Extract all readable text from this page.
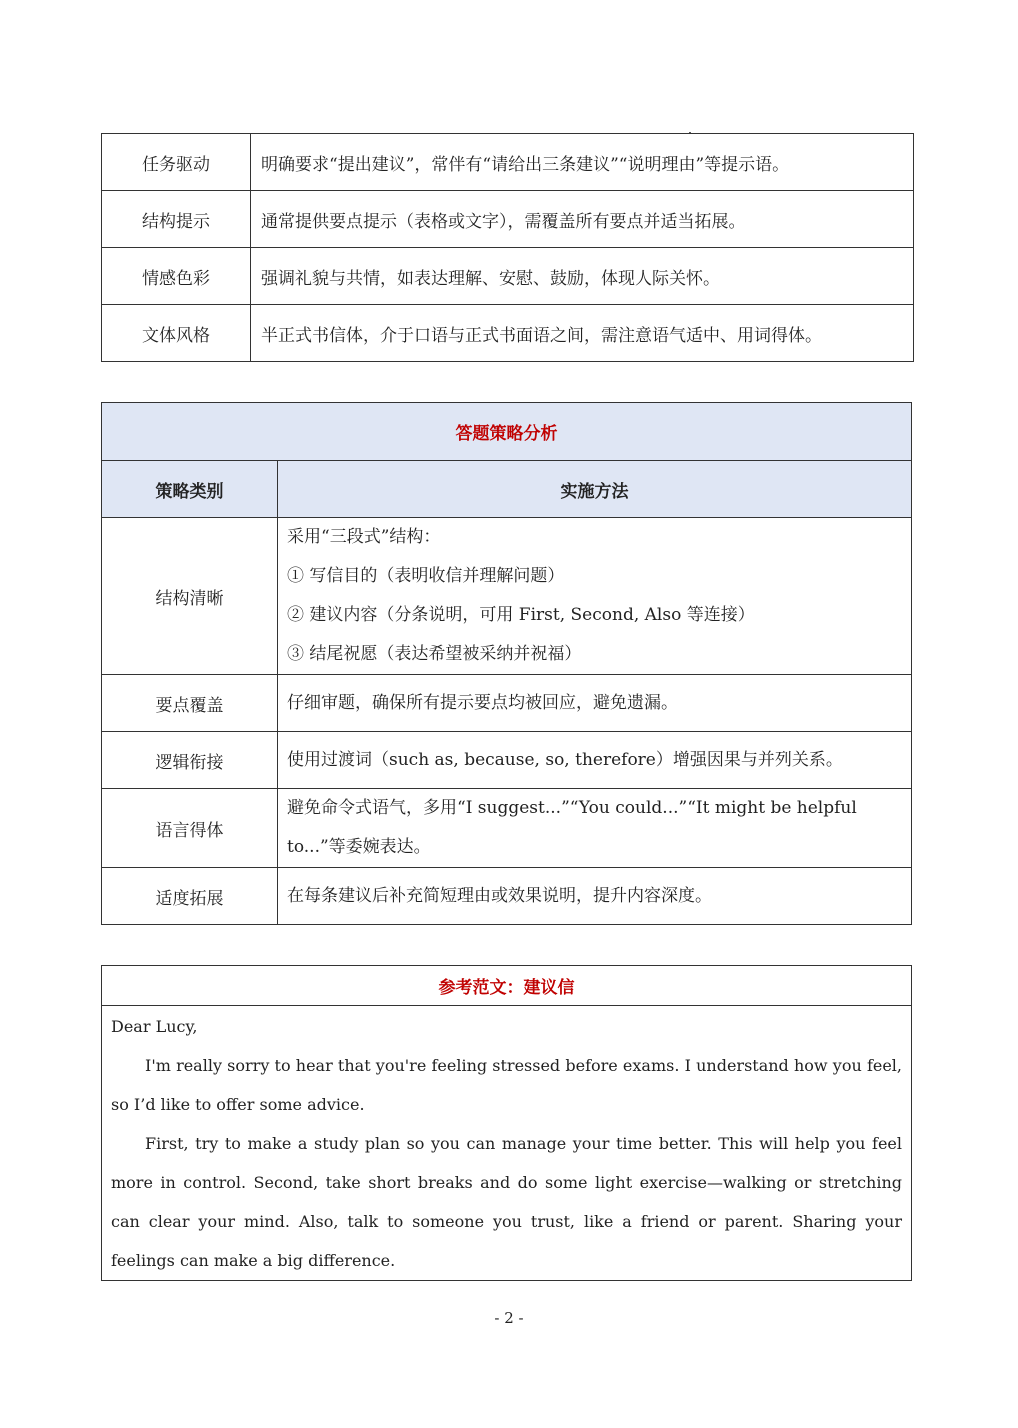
任务驱动	明确要求“提出建议”，常伴有“请给出三条建议”“说明理由”等提示语。
结构提示	通常提供要点提示（表格或文字），需覆盖所有要点并适当拓展。
情感色彩	强调礼貌与共情，如表达理解、安慰、鼓励，体现人际关怀。
文体风格	半正式书信体，介于口语与正式书面语之间，需注意语气适中、用词得体。
答题策略分析	
策略类别	实施方法
结构清晰	采用“三段式”结构：
① 写信目的（表明收信并理解问题）
② 建议内容（分条说明，可用 First, Second, Also 等连接）
③ 结尾祝愿（表达希望被采纳并祝福）

要点覆盖	仔细审题，确保所有提示要点均被回应，避免遗漏。
逻辑衔接	使用过渡词（such as, because, so, therefore）增强因果与并列关系。
语言得体	避免命令式语气，多用“I suggest...”“You could...”“It might be helpful to...”等委婉表达。
适度拓展	在每条建议后补充简短理由或效果说明，提升内容深度。
参考范文：建议信

Dear Lucy,

I'm really sorry to hear that you're feeling stressed before exams. I understand how you feel, so I’d like to offer some advice.

First, try to make a study plan so you can manage your time better. This will help you feel more in control. Second, take short breaks and do some light exercise—walking or stretching can clear your mind. Also, talk to someone you trust, like a friend or parent. Sharing your feelings can make a big difference.

- 2 -
